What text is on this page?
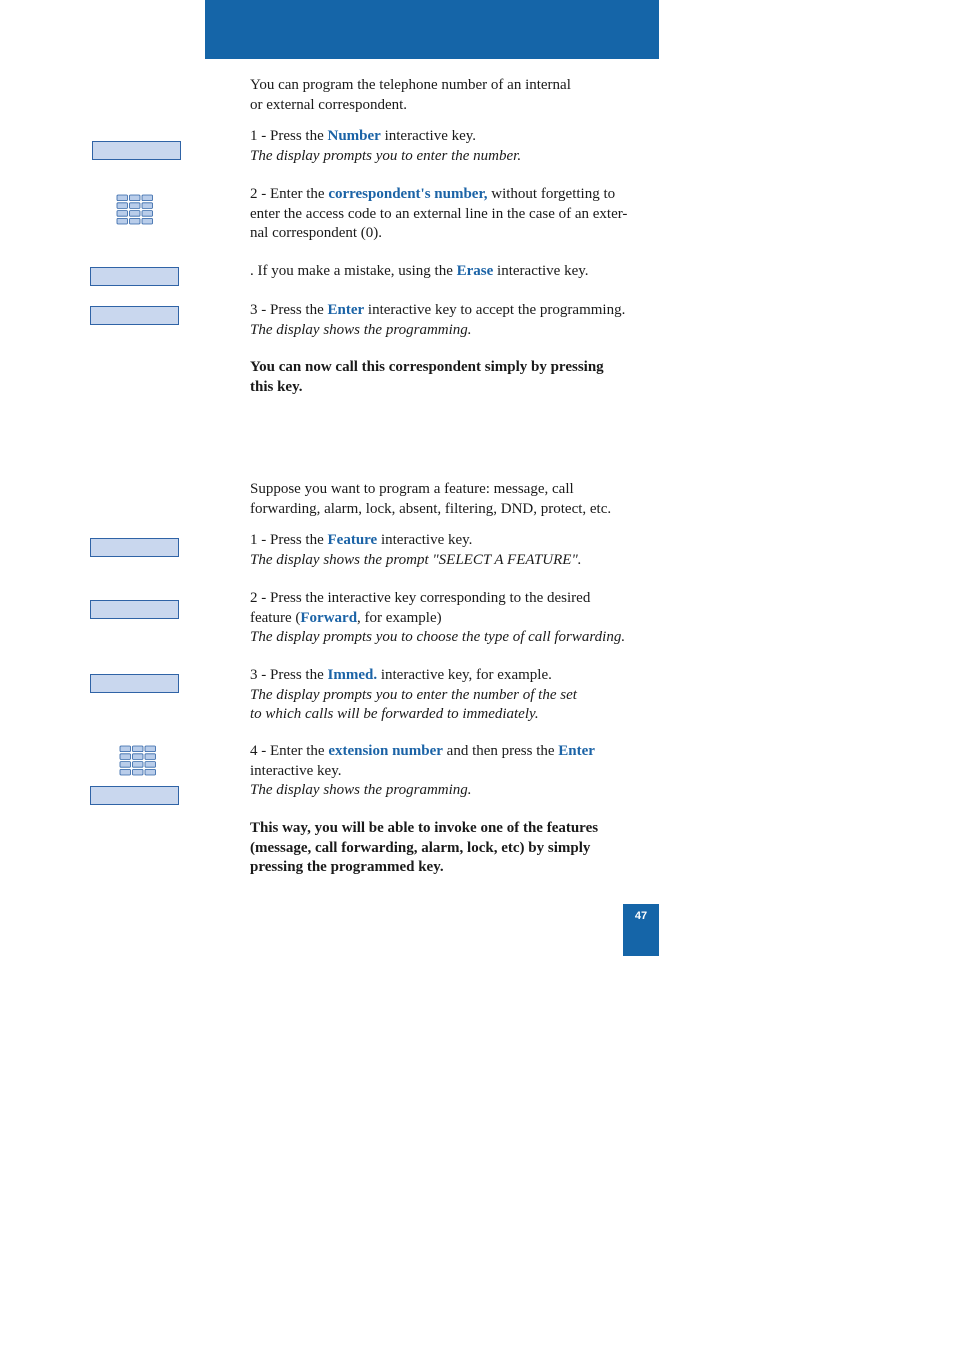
You can program the telephone number of an internal

or external correspondent.

1 - Press the Number interactive key.

The display prompts you to enter the number.

2 - Enter the correspondent's number, without forgetting to

enter the access code to an external line in the case of an exter-

nal correspondent (0).

. If you make a mistake, using the Erase interactive key.

3 - Press the Enter interactive key to accept the programming.

The display shows the programming.

You can now call this correspondent simply by pressing

this key.

Suppose you want to program a feature: message, call

forwarding, alarm, lock, absent, filtering, DND, protect, etc.

1 - Press the Feature interactive key.

The display shows the prompt "SELECT A FEATURE".

2 - Press the interactive key corresponding to the desired

feature (Forward, for example)

The display prompts you to choose the type of call forwarding.

3 - Press the Immed. interactive key, for example.

The display prompts you to enter the number of the set

to which calls will be forwarded to immediately.

4 - Enter the extension number and then press the Enter

interactive key.

The display shows the programming.

This way, you will be able to invoke one of the features

(message, call forwarding, alarm, lock, etc) by simply

pressing the programmed key.

47
